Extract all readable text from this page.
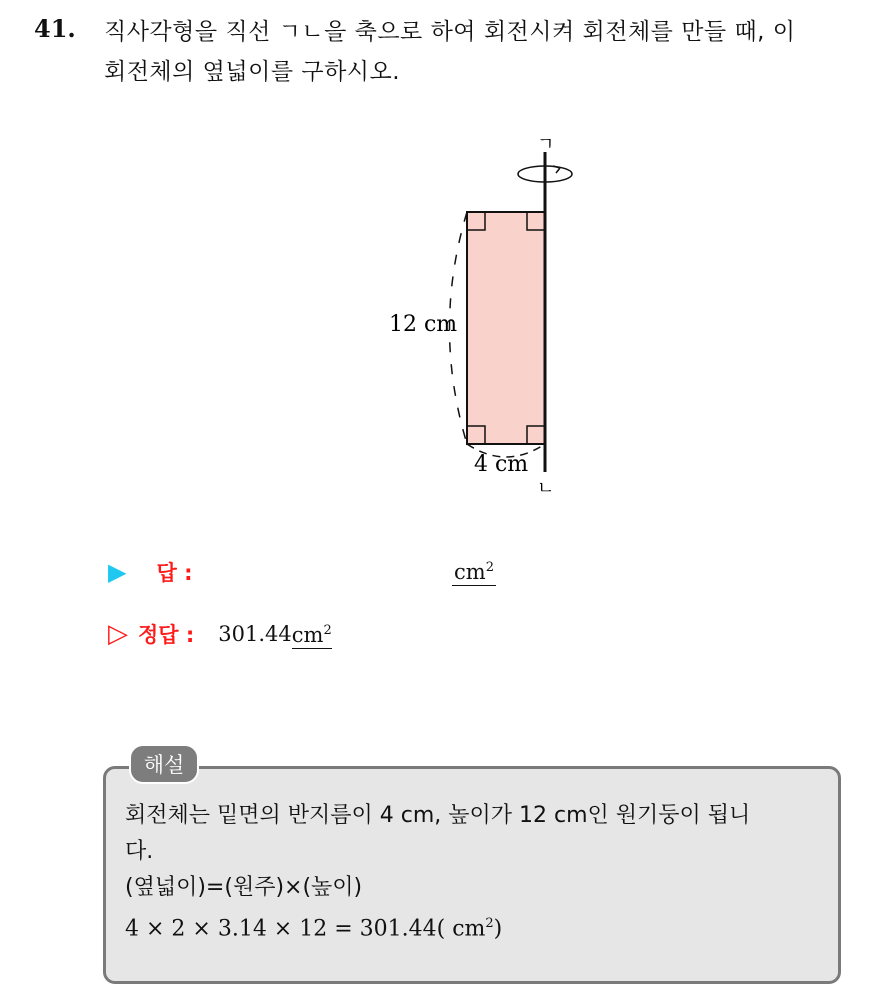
41. 직사각형을 직선 ㄱㄴ을 축으로 하여 회전시켜 회전체를 만들 때, 이
회전체의 옆넓이를 구하시오.
ㄱ
ㄴ
12 cm
4 cm
▶ 답 :	$cm^2$
▷ 정답 : 301.44 $cm^2$
해설
회전체는 밑면의 반지름이 4 cm, 높이가 12 cm인 원기둥이 됩니
다.
(옆넓이)=(원주)×(높이)
4 × 2 × 3.14 × 12 = 301.44( $cm^2$)
